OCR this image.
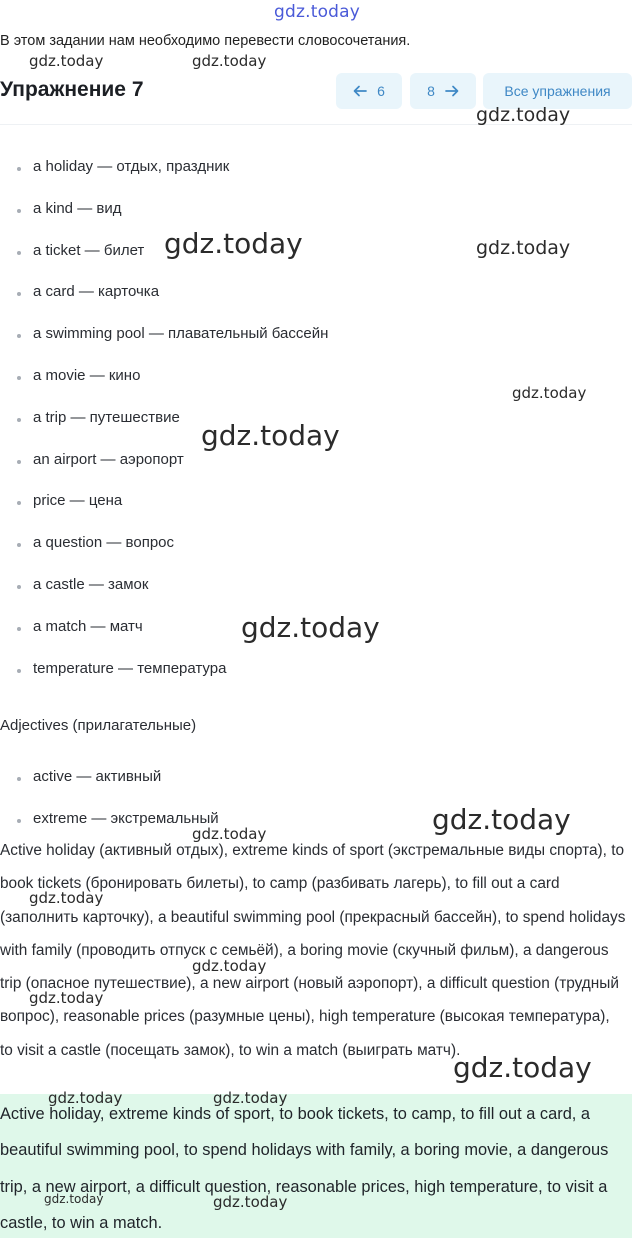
gdz.today
В этом задании нам необходимо перевести словосочетания.
Упражнение 7	6	8	Все упражнения
a holiday — отдых, праздник
a kind — вид
a ticket — билет
a card — карточка
a swimming pool — плавательный бассейн
a movie — кино
a trip — путешествие
an airport — аэропорт
price — цена
a question — вопрос
a castle — замок
a match — матч
temperature — температура
Adjectives (прилагательные)
active — активный
extreme — экстремальный
Active holiday (активный отдых), extreme kinds of sport (экстремальные виды спорта), to book tickets (бронировать билеты), to camp (разбивать лагерь), to fill out a card (заполнить карточку), a beautiful swimming pool (прекрасный бассейн), to spend holidays with family (проводить отпуск с семьёй), a boring movie (скучный фильм), a dangerous trip (опасное путешествие), a new airport (новый аэропорт), a difficult question (трудный вопрос), reasonable prices (разумные цены), high temperature (высокая температура), to visit a castle (посещать замок), to win a match (выиграть матч).
Active holiday, extreme kinds of sport, to book tickets, to camp, to fill out a card, a beautiful swimming pool, to spend holidays with family, a boring movie, a dangerous trip, a new airport, a difficult question, reasonable prices, high temperature, to visit a castle, to win a match.
gdz.today	gdz.today
gdz.today
gdz.today	gdz.today
gdz.today
gdz.today
gdz.today
gdz.today
gdz.today
gdz.today
gdz.today
gdz.today
gdz.today
gdz.today	gdz.today
gdz.today	gdz.today
